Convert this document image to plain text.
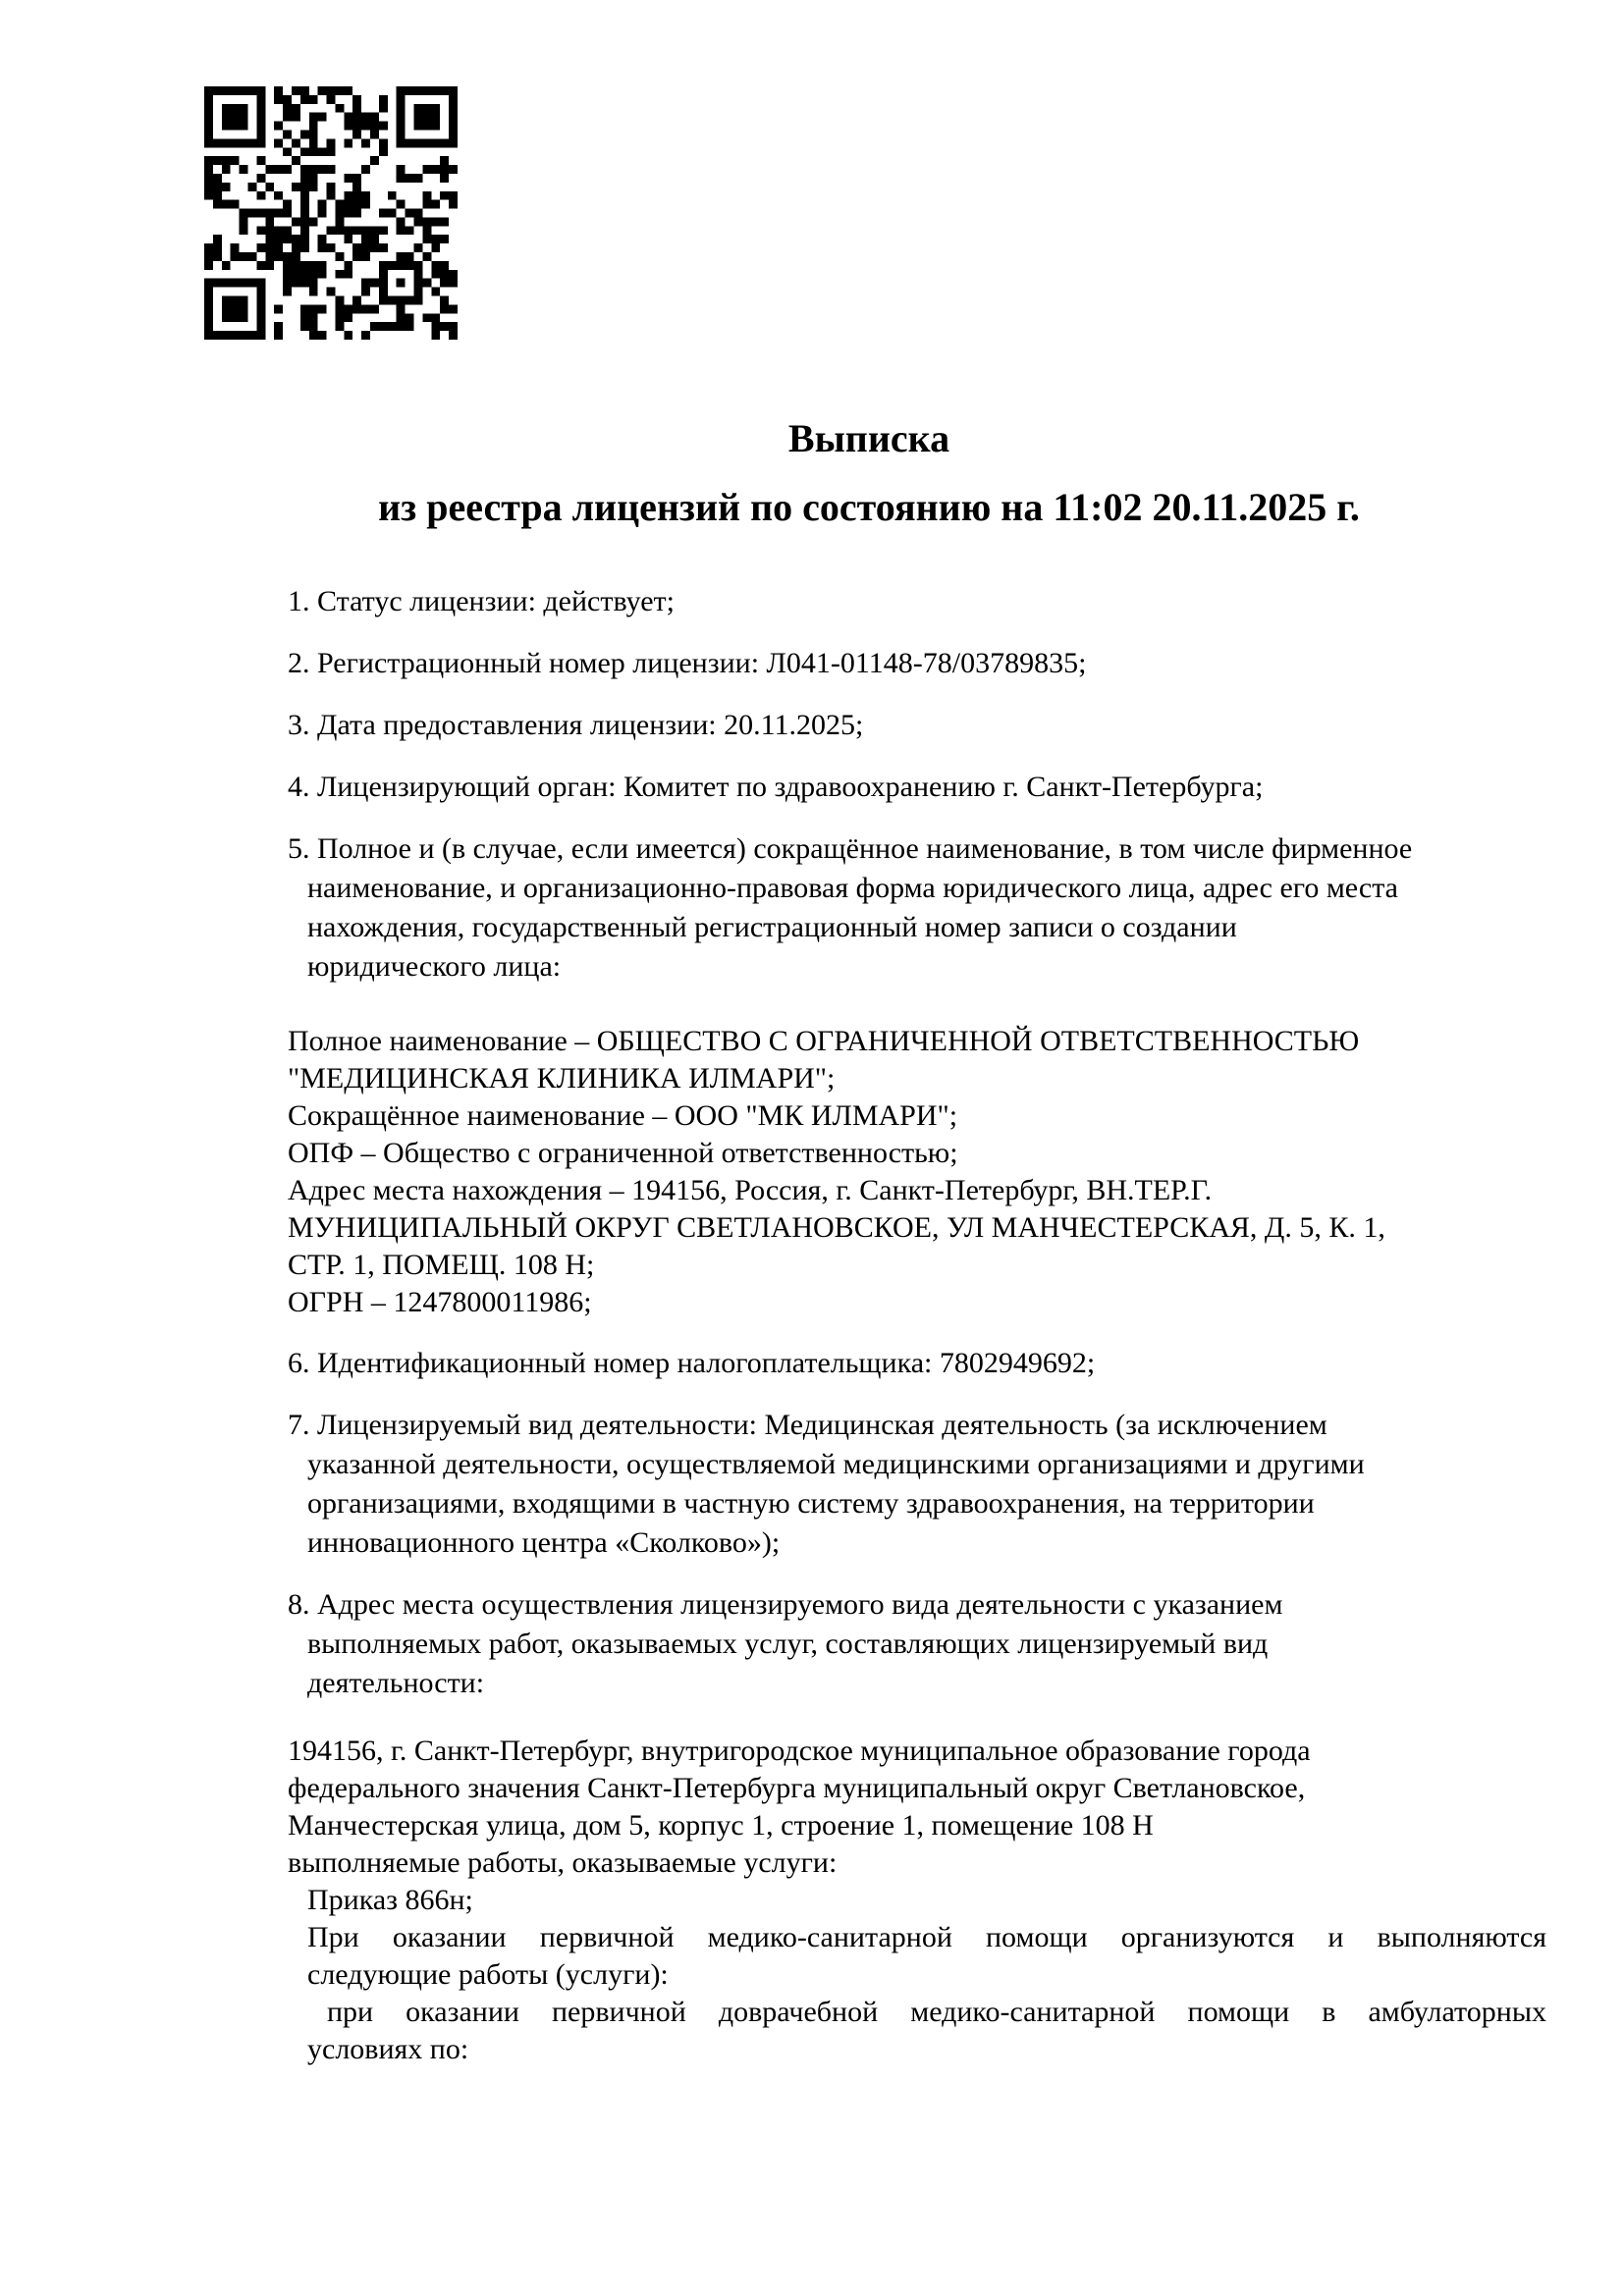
Выписка
из реестра лицензий по состоянию на 11:02 20.11.2025 г.

1. Статус лицензии: действует;

2. Регистрационный номер лицензии: Л041-01148-78/03789835;

3. Дата предоставления лицензии: 20.11.2025;

4. Лицензирующий орган: Комитет по здравоохранению г. Санкт-Петербурга;

5. Полное и (в случае, если имеется) сокращённое наименование, в том числе фирменное
наименование, и организационно-правовая форма юридического лица, адрес его места
нахождения, государственный регистрационный номер записи о создании
юридического лица:

Полное наименование – ОБЩЕСТВО С ОГРАНИЧЕННОЙ ОТВЕТСТВЕННОСТЬЮ
"МЕДИЦИНСКАЯ КЛИНИКА ИЛМАРИ";
Сокращённое наименование – ООО "МК ИЛМАРИ";
ОПФ – Общество с ограниченной ответственностью;
Адрес места нахождения – 194156, Россия, г. Санкт-Петербург, ВН.ТЕР.Г.
МУНИЦИПАЛЬНЫЙ ОКРУГ СВЕТЛАНОВСКОЕ, УЛ МАНЧЕСТЕРСКАЯ, Д. 5, К. 1,
СТР. 1, ПОМЕЩ. 108 Н;
ОГРН – 1247800011986;

6. Идентификационный номер налогоплательщика: 7802949692;

7. Лицензируемый вид деятельности: Медицинская деятельность (за исключением
указанной деятельности, осуществляемой медицинскими организациями и другими
организациями, входящими в частную систему здравоохранения, на территории
инновационного центра «Сколково»);

8. Адрес места осуществления лицензируемого вида деятельности с указанием
выполняемых работ, оказываемых услуг, составляющих лицензируемый вид
деятельности:

194156, г. Санкт-Петербург, внутригородское муниципальное образование города
федерального значения Санкт-Петербурга муниципальный округ Светлановское,
Манчестерская улица, дом 5, корпус 1, строение 1, помещение 108 Н
выполняемые работы, оказываемые услуги:
Приказ 866н;
При оказании первичной медико-санитарной помощи организуются и выполняются
следующие работы (услуги):
при оказании первичной доврачебной медико-санитарной помощи в амбулаторных
условиях по:
